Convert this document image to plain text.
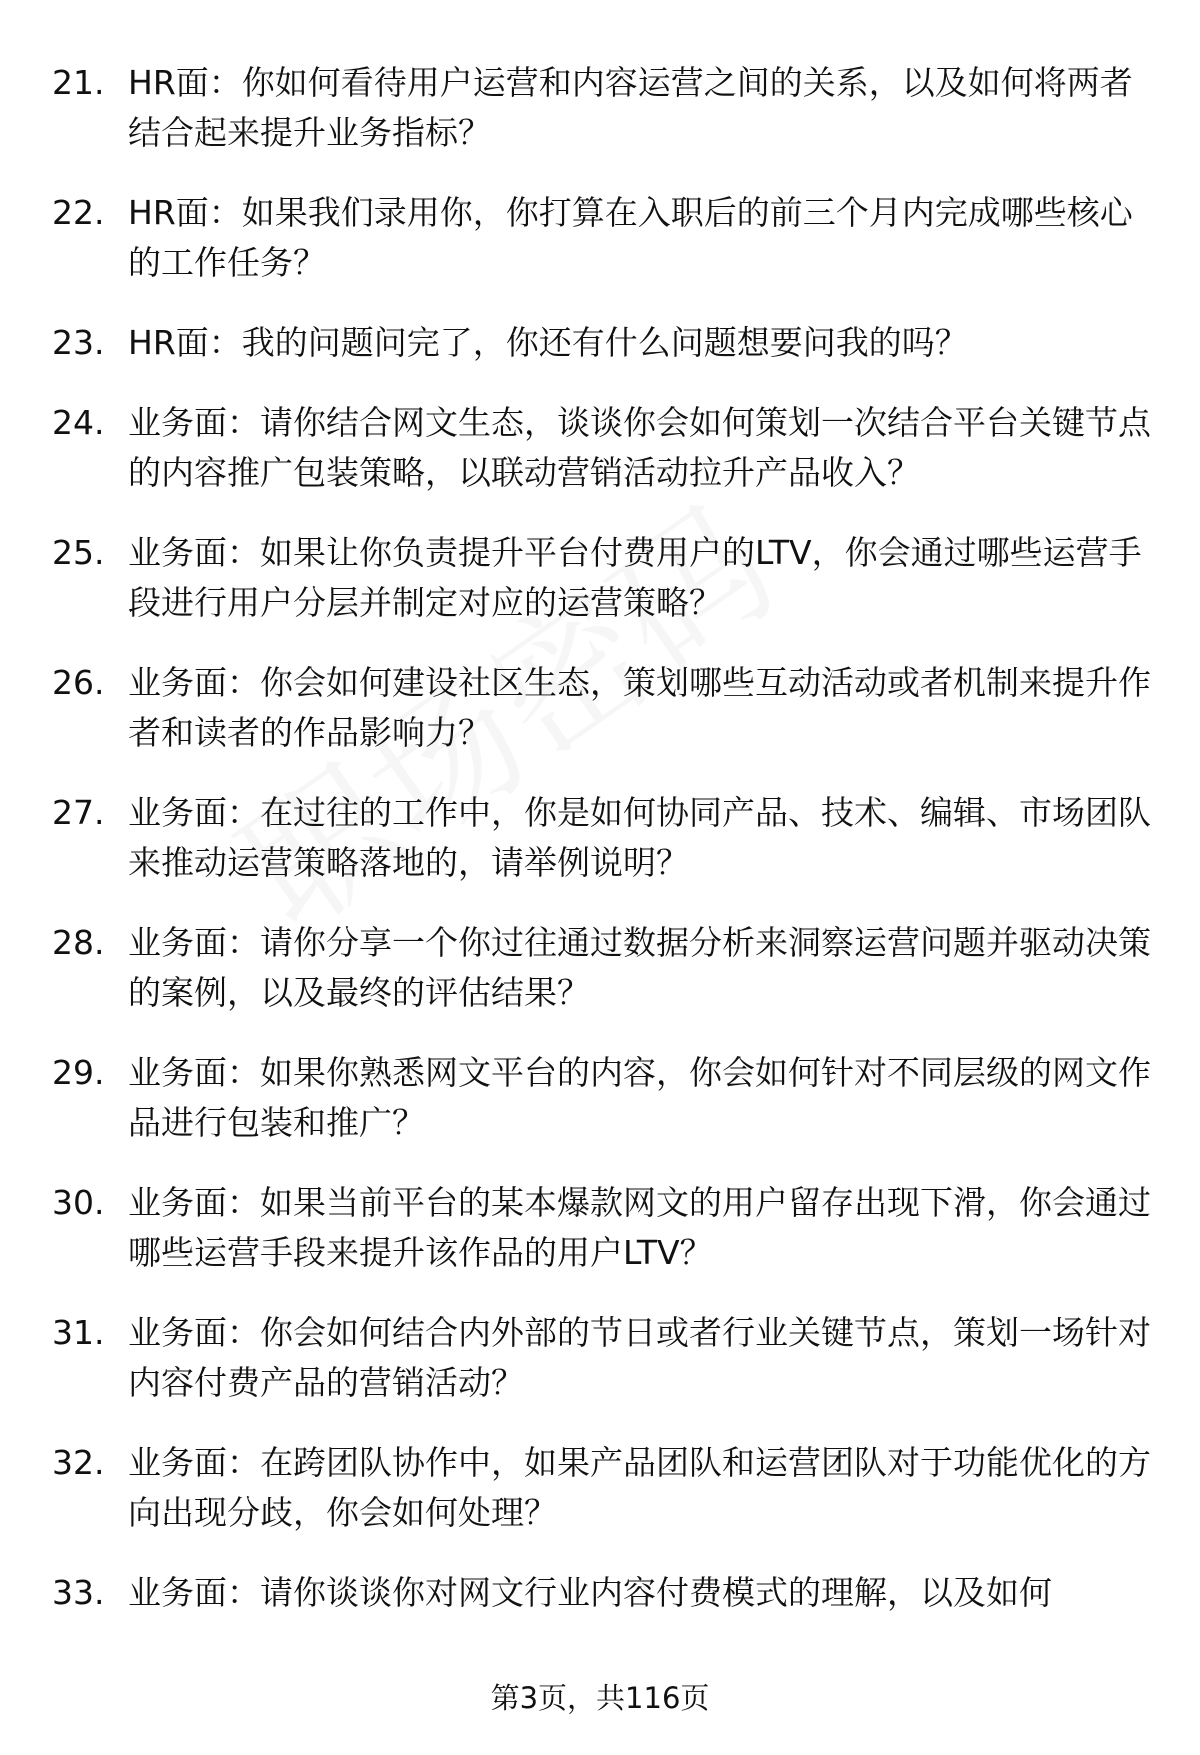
21. HR面：你如何看待用户运营和内容运营之间的关系，以及如何将两者结合起来提升业务指标？
22. HR面：如果我们录用你，你打算在入职后的前三个月内完成哪些核心的工作任务？
23. HR面：我的问题问完了，你还有什么问题想要问我的吗？
24. 业务面：请你结合网文生态，谈谈你会如何策划一次结合平台关键节点的内容推广包装策略，以联动营销活动拉升产品收入？
25. 业务面：如果让你负责提升平台付费用户的LTV，你会通过哪些运营手段进行用户分层并制定对应的运营策略？
26. 业务面：你会如何建设社区生态，策划哪些互动活动或者机制来提升作者和读者的作品影响力？
27. 业务面：在过往的工作中，你是如何协同产品、技术、编辑、市场团队来推动运营策略落地的，请举例说明？
28. 业务面：请你分享一个你过往通过数据分析来洞察运营问题并驱动决策的案例，以及最终的评估结果？
29. 业务面：如果你熟悉网文平台的内容，你会如何针对不同层级的网文作品进行包装和推广？
30. 业务面：如果当前平台的某本爆款网文的用户留存出现下滑，你会通过哪些运营手段来提升该作品的用户LTV？
31. 业务面：你会如何结合内外部的节日或者行业关键节点，策划一场针对内容付费产品的营销活动？
32. 业务面：在跨团队协作中，如果产品团队和运营团队对于功能优化的方向出现分歧，你会如何处理？
33. 业务面：请你谈谈你对网文行业内容付费模式的理解，以及如何
第3页，共116页
